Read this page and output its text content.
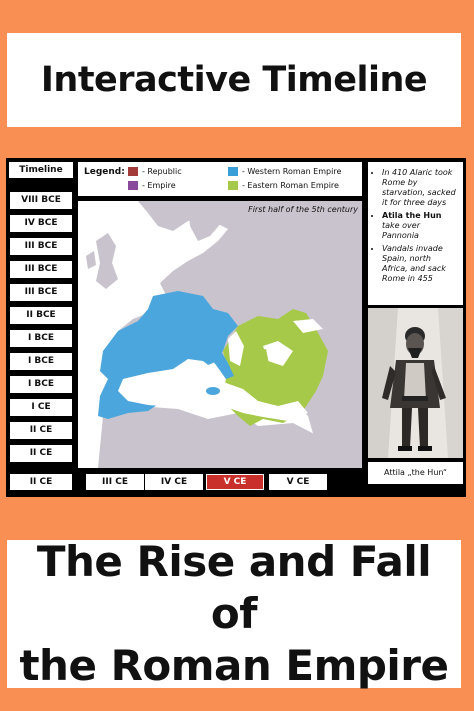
Interactive Timeline
Timeline
VIII BCE
IV BCE
III BCE
III BCE
III BCE
II BCE
I BCE
I BCE
I BCE
I CE
II CE
II CE
Legend: - Republic
- Empire
- Western Roman Empire
- Eastern Roman Empire
First half of the 5th century
II CE	III CE	IV CE	V CE	V CE
• In 410 Alaric took Rome by starvation, sacked it for three days
• Atila the Hun take over Pannonia
• Vandals invade Spain, north Africa, and sack Rome in 455
Attila „the Hun“
The Rise and Fall of
the Roman Empire
